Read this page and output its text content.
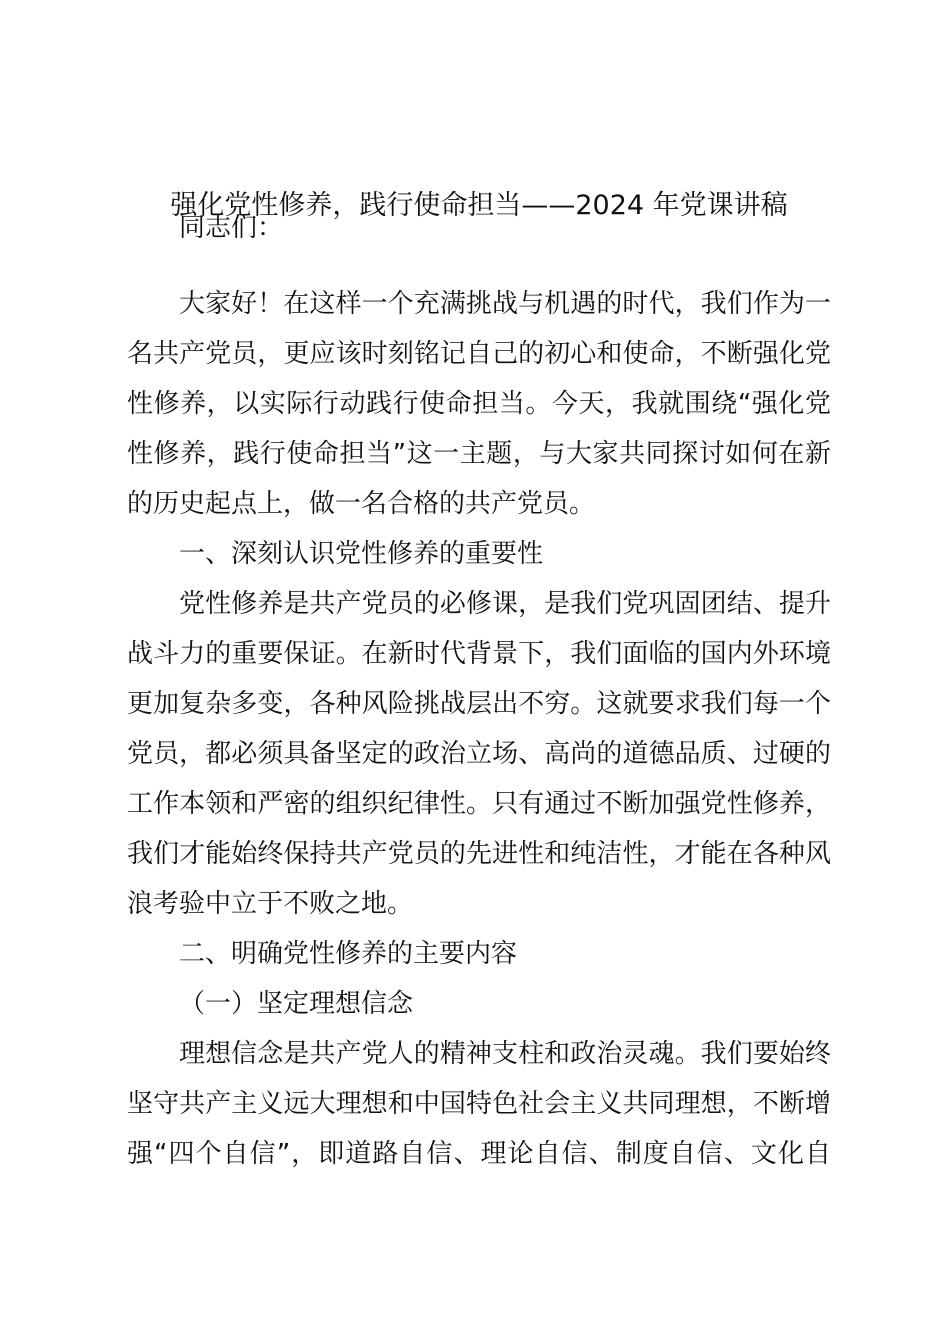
强化党性修养，践行使命担当——2024 年党课讲稿
同志们：
大家好！在这样一个充满挑战与机遇的时代，我们作为一
名共产党员，更应该时刻铭记自己的初心和使命，不断强化党
性修养，以实际行动践行使命担当。今天，我就围绕“强化党
性修养，践行使命担当”这一主题，与大家共同探讨如何在新
的历史起点上，做一名合格的共产党员。
一、深刻认识党性修养的重要性
党性修养是共产党员的必修课，是我们党巩固团结、提升
战斗力的重要保证。在新时代背景下，我们面临的国内外环境
更加复杂多变，各种风险挑战层出不穷。这就要求我们每一个
党员，都必须具备坚定的政治立场、高尚的道德品质、过硬的
工作本领和严密的组织纪律性。只有通过不断加强党性修养，
我们才能始终保持共产党员的先进性和纯洁性，才能在各种风
浪考验中立于不败之地。
二、明确党性修养的主要内容
（一）坚定理想信念
理想信念是共产党人的精神支柱和政治灵魂。我们要始终
坚守共产主义远大理想和中国特色社会主义共同理想，不断增
强“四个自信”，即道路自信、理论自信、制度自信、文化自
